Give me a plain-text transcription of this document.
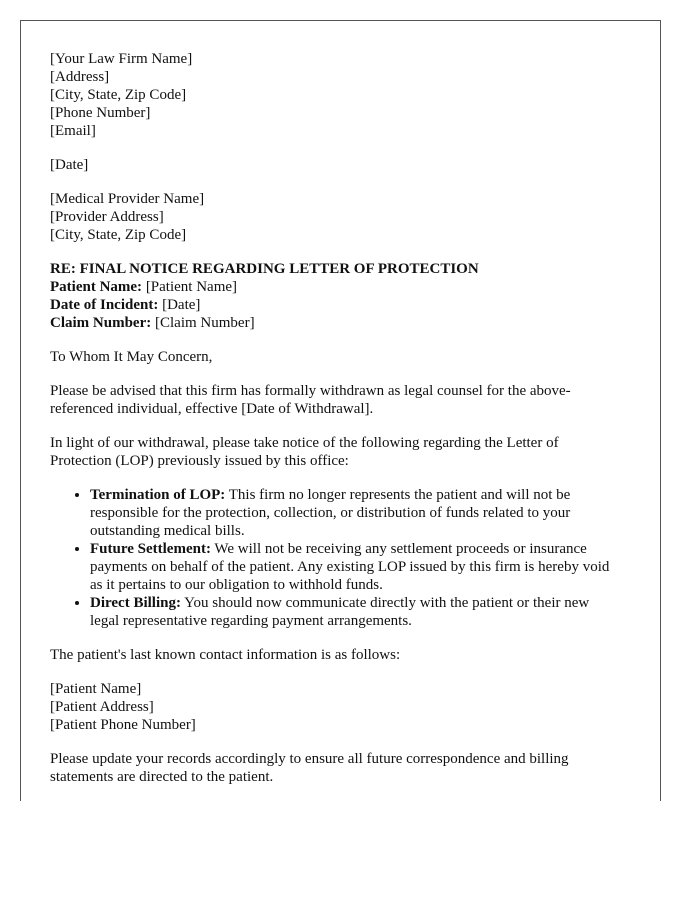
[Your Law Firm Name]
[Address]
[City, State, Zip Code]
[Phone Number]
[Email]
[Date]
[Medical Provider Name]
[Provider Address]
[City, State, Zip Code]
RE: FINAL NOTICE REGARDING LETTER OF PROTECTION
Patient Name: [Patient Name]
Date of Incident: [Date]
Claim Number: [Claim Number]

To Whom It May Concern,

Please be advised that this firm has formally withdrawn as legal counsel for the above-referenced individual, effective [Date of Withdrawal].

In light of our withdrawal, please take notice of the following regarding the Letter of Protection (LOP) previously issued by this office:

• Termination of LOP: This firm no longer represents the patient and will not be responsible for the protection, collection, or distribution of funds related to your outstanding medical bills.
• Future Settlement: We will not be receiving any settlement proceeds or insurance payments on behalf of the patient. Any existing LOP issued by this firm is hereby void as it pertains to our obligation to withhold funds.
• Direct Billing: You should now communicate directly with the patient or their new legal representative regarding payment arrangements.

The patient's last known contact information is as follows:

[Patient Name]
[Patient Address]
[Patient Phone Number]

Please update your records accordingly to ensure all future correspondence and billing statements are directed to the patient.
